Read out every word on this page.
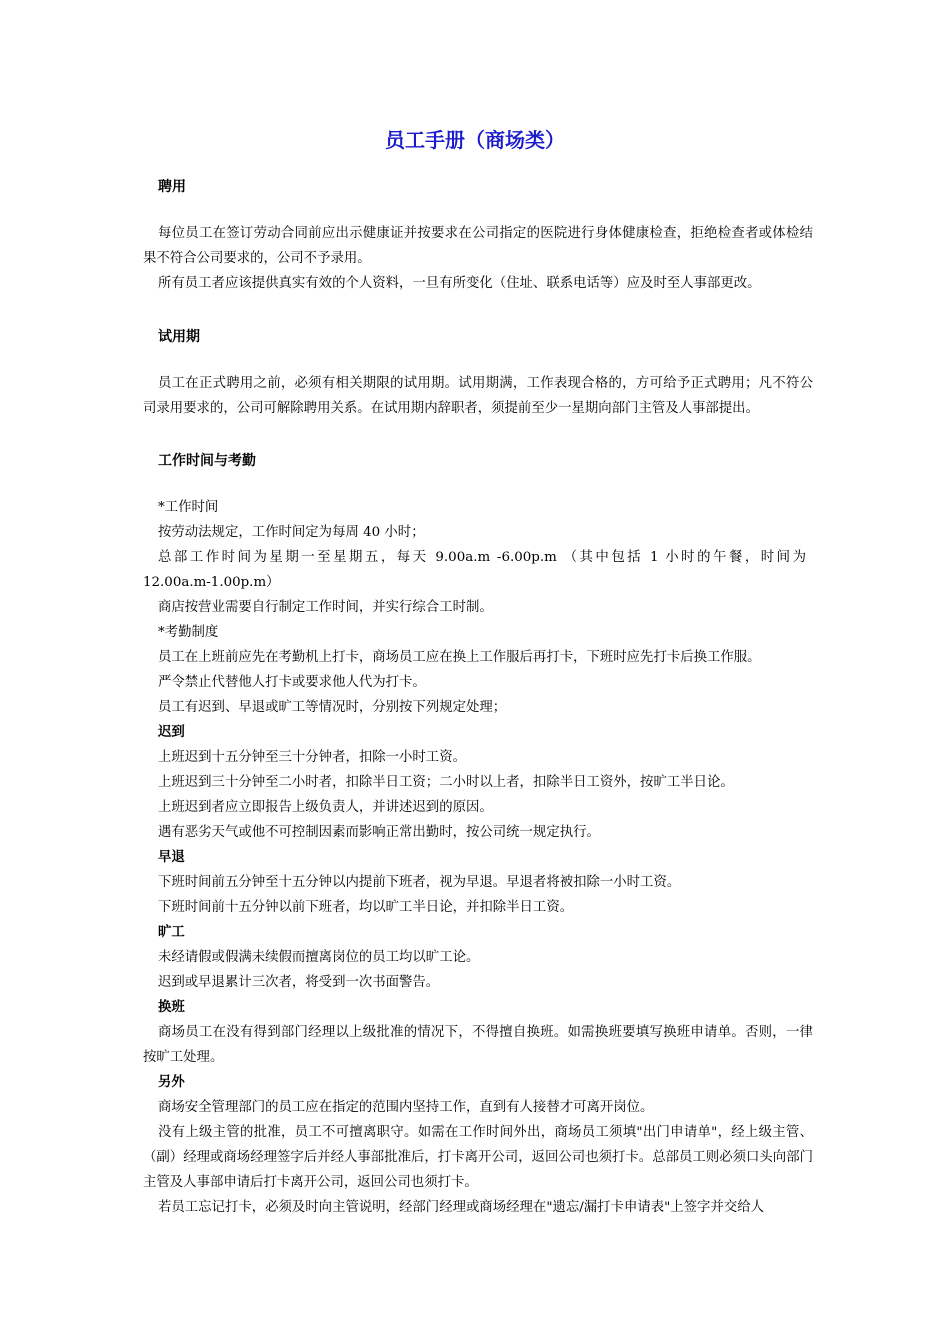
员工手册（商场类）
聘用
每位员工在签订劳动合同前应出示健康证并按要求在公司指定的医院进行身体健康检查，拒绝检查者或体检结果不符合公司要求的，公司不予录用。
所有员工者应该提供真实有效的个人资料，一旦有所变化（住址、联系电话等）应及时至人事部更改。
试用期
员工在正式聘用之前，必须有相关期限的试用期。试用期满，工作表现合格的，方可给予正式聘用；凡不符公司录用要求的，公司可解除聘用关系。在试用期内辞职者，须提前至少一星期向部门主管及人事部提出。
工作时间与考勤
*工作时间
按劳动法规定，工作时间定为每周 40 小时；
总部工作时间为星期一至星期五，每天 9.00a.m -6.00p.m （其中包括 1 小时的午餐，时间为
12.00a.m-1.00p.m）
商店按营业需要自行制定工作时间，并实行综合工时制。
*考勤制度
员工在上班前应先在考勤机上打卡，商场员工应在换上工作服后再打卡，下班时应先打卡后换工作服。
严令禁止代替他人打卡或要求他人代为打卡。
员工有迟到、早退或旷工等情况时，分别按下列规定处理；
迟到
上班迟到十五分钟至三十分钟者，扣除一小时工资。
上班迟到三十分钟至二小时者，扣除半日工资；二小时以上者，扣除半日工资外，按旷工半日论。
上班迟到者应立即报告上级负责人，并讲述迟到的原因。
遇有恶劣天气或他不可控制因素而影响正常出勤时，按公司统一规定执行。
早退
下班时间前五分钟至十五分钟以内提前下班者，视为早退。早退者将被扣除一小时工资。
下班时间前十五分钟以前下班者，均以旷工半日论，并扣除半日工资。
旷工
未经请假或假满未续假而擅离岗位的员工均以旷工论。
迟到或早退累计三次者，将受到一次书面警告。
换班
商场员工在没有得到部门经理以上级批准的情况下，不得擅自换班。如需换班要填写换班申请单。否则，一律按旷工处理。
另外
商场安全管理部门的员工应在指定的范围内坚持工作，直到有人接替才可离开岗位。
没有上级主管的批准，员工不可擅离职守。如需在工作时间外出，商场员工须填"出门申请单"，经上级主管、（副）经理或商场经理签字后并经人事部批准后，打卡离开公司，返回公司也须打卡。总部员工则必须口头向部门主管及人事部申请后打卡离开公司，返回公司也须打卡。
若员工忘记打卡，必须及时向主管说明，经部门经理或商场经理在"遗忘/漏打卡申请表"上签字并交给人
